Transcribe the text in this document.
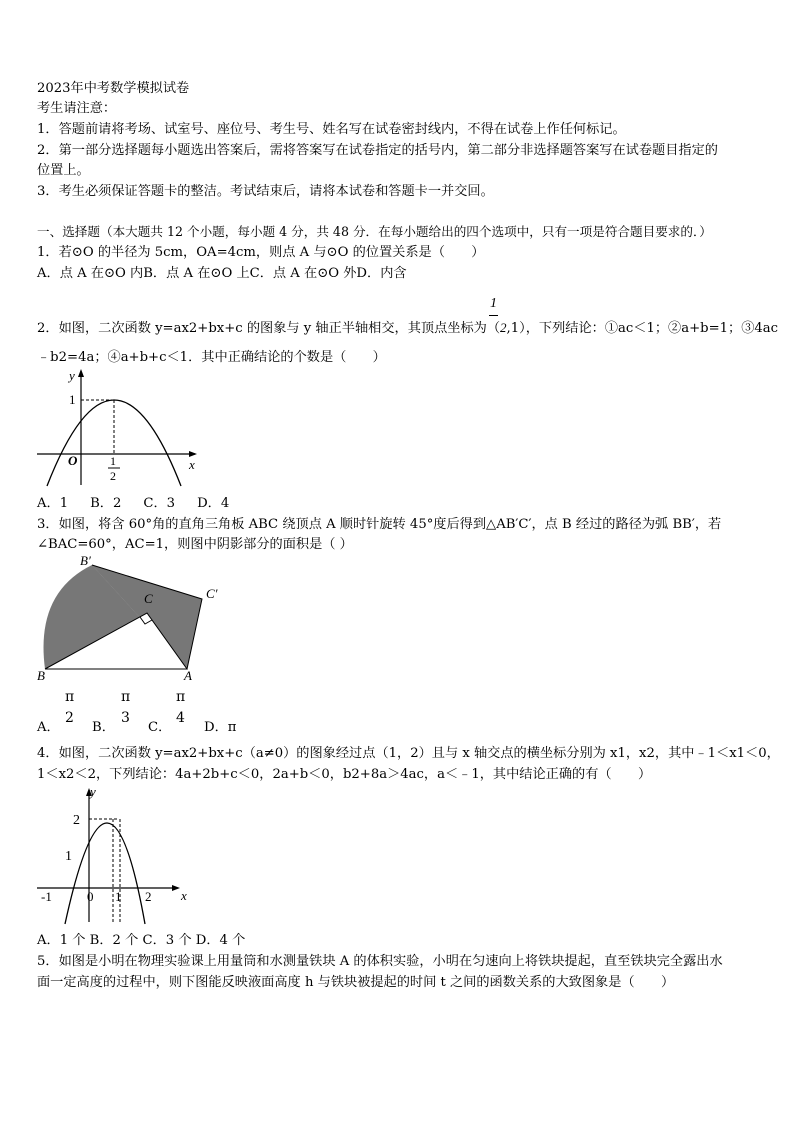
2023年中考数学模拟试卷
考生请注意：
1．答题前请将考场、试室号、座位号、考生号、姓名写在试卷密封线内，不得在试卷上作任何标记。
2．第一部分选择题每小题选出答案后，需将答案写在试卷指定的括号内，第二部分非选择题答案写在试卷题目指定的
位置上。
3．考生必须保证答题卡的整洁。考试结束后，请将本试卷和答题卡一并交回。
一、选择题（本大题共 12 个小题，每小题 4 分，共 48 分．在每小题给出的四个选项中，只有一项是符合题目要求的．）
1．若⊙O 的半径为 5cm，OA=4cm，则点 A 与⊙O 的位置关系是（　　）
A．点 A 在⊙O 内B．点 A 在⊙O 上C．点 A 在⊙O 外D．内含
1
2．如图，二次函数 y=ax2+bx+c 的图象与 y 轴正半轴相交，其顶点坐标为（2,1），下列结论：①ac＜1；②a+b=1；③4ac
﹣b2=4a；④a+b+c＜1．其中正确结论的个数是（　　）
y
x
O
1
1
2
A．1 B．2 C．3 D．4
3．如图，将含 60°角的直角三角板 ABC 绕顶点 A 顺时针旋转 45°度后得到△AB′C′，点 B 经过的路径为弧 BB′，若
∠BAC=60°，AC=1，则图中阴影部分的面积是（ ）
B′
C′
C
B	A
π
2
π
3
π
4
A． B．	C． D．π
4．如图，二次函数 y=ax2+bx+c（a≠0）的图象经过点（1，2）且与 x 轴交点的横坐标分别为 x1，x2，其中﹣1＜x1＜0，
1＜x2＜2，下列结论：4a+2b+c＜0，2a+b＜0，b2+8a＞4ac，a＜﹣1，其中结论正确的有（　　）
y
x
2
1
-1	0 1 2
A．1 个 B．2 个 C．3 个 D．4 个
5．如图是小明在物理实验课上用量筒和水测量铁块 A 的体积实验，小明在匀速向上将铁块提起，直至铁块完全露出水
面一定高度的过程中，则下图能反映液面高度 h 与铁块被提起的时间 t 之间的函数关系的大致图象是（　　）
